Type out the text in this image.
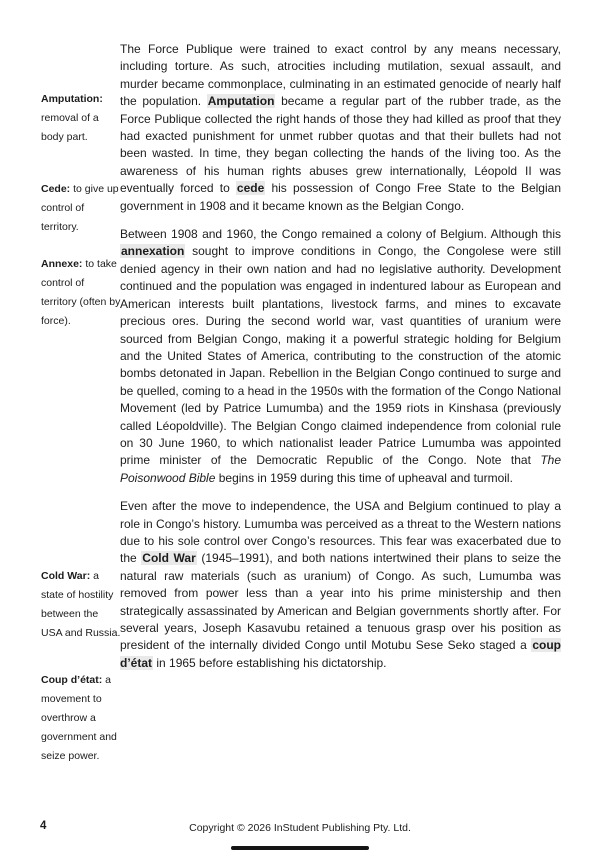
Amputation: removal of a body part.
Cede: to give up control of territory.
Annexe: to take control of territory (often by force).
Cold War: a state of hostility between the USA and Russia.
Coup d’état: a movement to overthrow a government and seize power.

The Force Publique were trained to exact control by any means necessary, including torture. As such, atrocities including mutilation, sexual assault, and murder became commonplace, culminating in an estimated genocide of nearly half the population. Amputation became a regular part of the rubber trade, as the Force Publique collected the right hands of those they had killed as proof that they had exacted punishment for unmet rubber quotas and that their bullets had not been wasted. In time, they began collecting the hands of the living too. As the awareness of his human rights abuses grew internationally, Léopold II was eventually forced to cede his possession of Congo Free State to the Belgian government in 1908 and it became known as the Belgian Congo.

Between 1908 and 1960, the Congo remained a colony of Belgium. Although this annexation sought to improve conditions in Congo, the Congolese were still denied agency in their own nation and had no legislative authority. Development continued and the population was engaged in indentured labour as European and American interests built plantations, livestock farms, and mines to excavate precious ores. During the second world war, vast quantities of uranium were sourced from Belgian Congo, making it a powerful strategic holding for Belgium and the United States of America, contributing to the construction of the atomic bombs detonated in Japan. Rebellion in the Belgian Congo continued to surge and be quelled, coming to a head in the 1950s with the formation of the Congo National Movement (led by Patrice Lumumba) and the 1959 riots in Kinshasa (previously called Léopoldville). The Belgian Congo claimed independence from colonial rule on 30 June 1960, to which nationalist leader Patrice Lumumba was appointed prime minister of the Democratic Republic of the Congo. Note that The Poisonwood Bible begins in 1959 during this time of upheaval and turmoil.

Even after the move to independence, the USA and Belgium continued to play a role in Congo’s history. Lumumba was perceived as a threat to the Western nations due to his sole control over Congo’s resources. This fear was exacerbated due to the Cold War (1945–1991), and both nations intertwined their plans to seize the natural raw materials (such as uranium) of Congo. As such, Lumumba was removed from power less than a year into his prime ministership and then strategically assassinated by American and Belgian governments shortly after. For several years, Joseph Kasavubu retained a tenuous grasp over his position as president of the internally divided Congo until Motubu Sese Seko staged a coup d’état in 1965 before establishing his dictatorship.

4	Copyright © 2026 InStudent Publishing Pty. Ltd.
